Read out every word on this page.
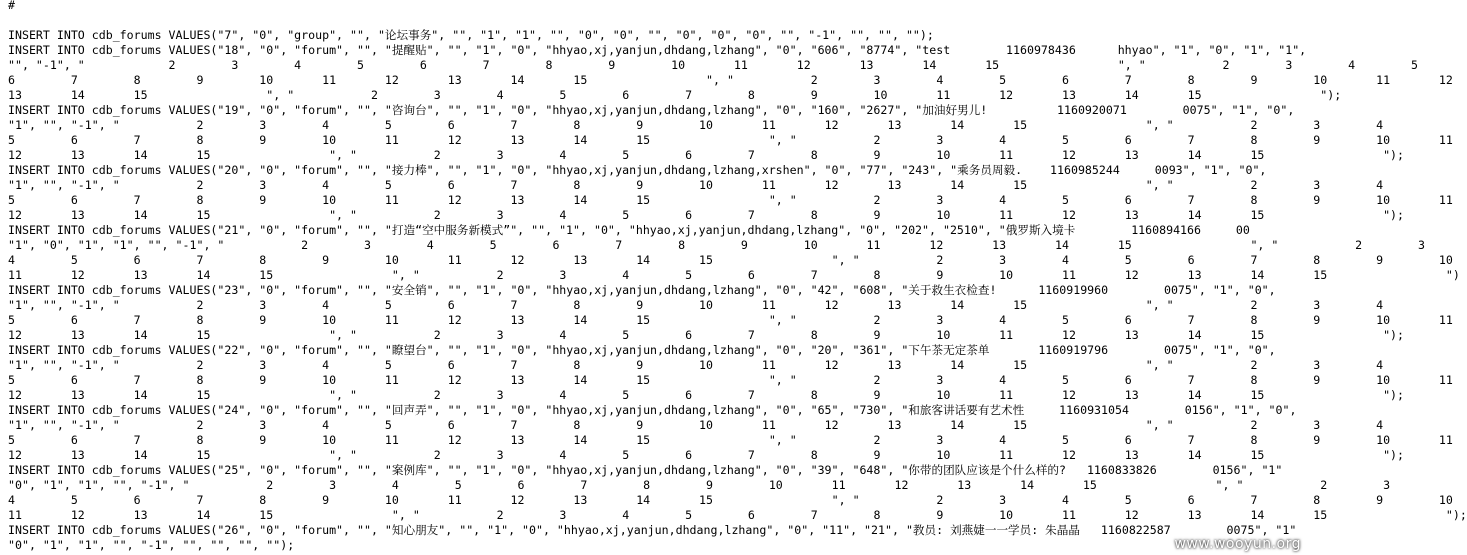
#
INSERT INTO cdb_forums VALUES("7", "0", "group", "", "论坛事务", "", "1", "1", "", "0", "0", "", "0", "0", "0", "", "-1", "", "", "");
INSERT INTO cdb_forums VALUES("18", "0", "forum", "", "提醒贴", "", "1", "0", "hhyao,xj,yanjun,dhdang,lzhang", "0", "606", "8774", "test        1160978436      hhyao", "1", "0", "1", "1",
"", "-1", "            2        3        4        5        6        7        8        9        10       11       12       13       14       15                 ", "           2        3        4        5
6        7        8        9        10       11       12       13       14       15                 ", "           2        3        4        5        6        7        8        9        10       11       12
13       14       15                 ", "           2        3        4        5        6        7        8        9        10       11       12       13       14       15                 ");
INSERT INTO cdb_forums VALUES("19", "0", "forum", "", "咨询台", "", "1", "0", "hhyao,xj,yanjun,dhdang,lzhang", "0", "160", "2627", "加油好男儿!          1160920071        0075", "1", "0",
"1", "", "-1", "           2        3        4        5        6        7        8        9        10       11       12       13       14       15                 ", "           2        3        4
5        6        7        8        9        10       11       12       13       14       15                 ", "           2        3        4        5        6        7        8        9        10       11
12       13       14       15                 ", "           2        3        4        5        6        7        8        9        10       11       12       13       14       15                 ");
INSERT INTO cdb_forums VALUES("20", "0", "forum", "", "接力棒", "", "1", "0", "hhyao,xj,yanjun,dhdang,lzhang,xrshen", "0", "77", "243", "乘务员周毅.    1160985244     0093", "1", "0",
"1", "", "-1", "           2        3        4        5        6        7        8        9        10       11       12       13       14       15                 ", "           2        3        4
5        6        7        8        9        10       11       12       13       14       15                 ", "           2        3        4        5        6        7        8        9        10       11
12       13       14       15                 ", "           2        3        4        5        6        7        8        9        10       11       12       13       14       15                 ");
INSERT INTO cdb_forums VALUES("21", "0", "forum", "", "打造“空中服务新模式”", "", "1", "0", "hhyao,xj,yanjun,dhdang,lzhang", "0", "202", "2510", "俄罗斯入境卡        1160894166     00
"1", "0", "1", "1", "", "-1", "           2        3        4        5        6        7        8        9        10       11       12       13       14       15                 ", "           2        3
4        5        6        7        8        9        10       11       12       13       14       15                 ", "           2        3        4        5        6        7        8        9        10
11       12       13       14       15                 ", "           2        3        4        5        6        7        8        9        10       11       12       13       14       15                 ")
INSERT INTO cdb_forums VALUES("23", "0", "forum", "", "安全销", "", "1", "0", "hhyao,xj,yanjun,dhdang,lzhang", "0", "42", "608", "关于救生衣检查!      1160919960        0075", "1", "0",
"1", "", "-1", "           2        3        4        5        6        7        8        9        10       11       12       13       14       15                 ", "           2        3        4
5        6        7        8        9        10       11       12       13       14       15                 ", "           2        3        4        5        6        7        8        9        10       11
12       13       14       15                 ", "           2        3        4        5        6        7        8        9        10       11       12       13       14       15                 ");
INSERT INTO cdb_forums VALUES("22", "0", "forum", "", "瞭望台", "", "1", "0", "hhyao,xj,yanjun,dhdang,lzhang", "0", "20", "361", "下午茶无定茶单       1160919796        0075", "1", "0",
"1", "", "-1", "           2        3        4        5        6        7        8        9        10       11       12       13       14       15                 ", "           2        3        4
5        6        7        8        9        10       11       12       13       14       15                 ", "           2        3        4        5        6        7        8        9        10       11
12       13       14       15                 ", "           2        3        4        5        6        7        8        9        10       11       12       13       14       15                 ");
INSERT INTO cdb_forums VALUES("24", "0", "forum", "", "回声弄", "", "1", "0", "hhyao,xj,yanjun,dhdang,lzhang", "0", "65", "730", "和旅客讲话要有艺术性     1160931054        0156", "1", "0",
"1", "", "-1", "           2        3        4        5        6        7        8        9        10       11       12       13       14       15                 ", "           2        3        4
5        6        7        8        9        10       11       12       13       14       15                 ", "           2        3        4        5        6        7        8        9        10       11
12       13       14       15                 ", "           2        3        4        5        6        7        8        9        10       11       12       13       14       15                 ");
INSERT INTO cdb_forums VALUES("25", "0", "forum", "", "案例库", "", "1", "0", "hhyao,xj,yanjun,dhdang,lzhang", "0", "39", "648", "你带的团队应该是个什么样的?   1160833826        0156", "1"
"0", "1", "1", "", "-1", "           2        3        4        5        6        7        8        9        10       11       12       13       14       15                 ", "           2        3
4        5        6        7        8        9        10       11       12       13       14       15                 ", "           2        3        4        5        6        7        8        9        10
11       12       13       14       15                 ", "           2        3        4        5        6        7        8        9        10       11       12       13       14       15                 ");
INSERT INTO cdb_forums VALUES("26", "0", "forum", "", "知心朋友", "", "1", "0", "hhyao,xj,yanjun,dhdang,lzhang", "0", "11", "21", "教员: 刘燕婕一一学员: 朱晶晶   1160822587        0075", "1"
"0", "1", "1", "", "-1", "", "", "", "");	www.wooyun.org
